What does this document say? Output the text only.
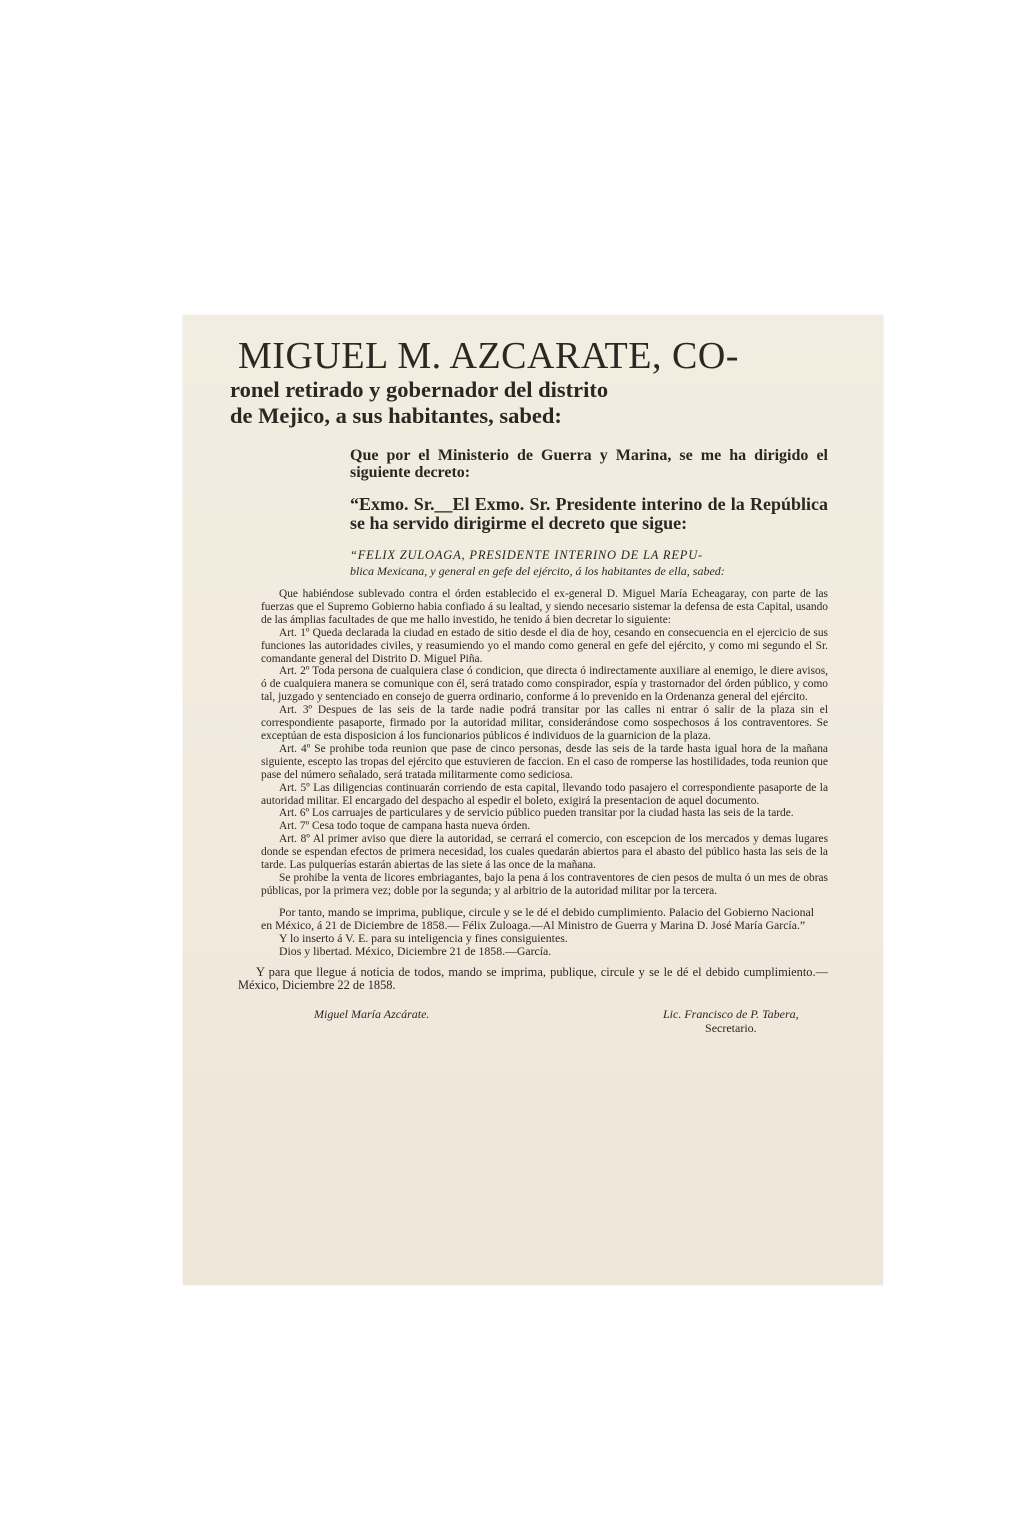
MIGUEL M. AZCARATE, CO-
ronel retirado y gobernador del distrito
de Mejico, a sus habitantes, sabed:
Que por el Ministerio de Guerra y Marina, se me ha dirigido el siguiente decreto:
“Exmo. Sr.__El Exmo. Sr. Presidente interino de la República se ha servido dirigirme el decreto que sigue:
“FELIX ZULOAGA, PRESIDENTE INTERINO DE LA REPU-
blica Mexicana, y general en gefe del ejército, á los habitantes de ella, sabed:

Que habiéndose sublevado contra el órden establecido el ex-general D. Miguel María Echeagaray, con parte de las fuerzas que el Supremo Gobierno habia confiado á su lealtad, y siendo necesario sistemar la defensa de esta Capital, usando de las ámplias facultades de que me hallo investido, he tenido á bien decretar lo siguiente:

Art. 1º Queda declarada la ciudad en estado de sitio desde el dia de hoy, cesando en consecuencia en el ejercicio de sus funciones las autoridades civiles, y reasumiendo yo el mando como general en gefe del ejército, y como mi segundo el Sr. comandante general del Distrito D. Miguel Piña.

Art. 2º Toda persona de cualquiera clase ó condicion, que directa ó indirectamente auxiliare al enemigo, le diere avisos, ó de cualquiera manera se comunique con él, será tratado como conspirador, espía y trastornador del órden público, y como tal, juzgado y sentenciado en consejo de guerra ordinario, conforme á lo prevenido en la Ordenanza general del ejército.

Art. 3º Despues de las seis de la tarde nadie podrá transitar por las calles ni entrar ó salir de la plaza sin el correspondiente pasaporte, firmado por la autoridad militar, considerándose como sospechosos á los contraventores. Se exceptúan de esta disposicion á los funcionarios públicos é individuos de la guarnicion de la plaza.

Art. 4º Se prohibe toda reunion que pase de cinco personas, desde las seis de la tarde hasta igual hora de la mañana siguiente, escepto las tropas del ejército que estuvieren de faccion. En el caso de romperse las hostilidades, toda reunion que pase del número señalado, será tratada militarmente como sediciosa.

Art. 5º Las diligencias continuarán corriendo de esta capital, llevando todo pasajero el correspondiente pasaporte de la autoridad militar. El encargado del despacho al espedir el boleto, exigirá la presentacion de aquel documento.

Art. 6º Los carruajes de particulares y de servicio público pueden transitar por la ciudad hasta las seis de la tarde.

Art. 7º Cesa todo toque de campana hasta nueva órden.

Art. 8º Al primer aviso que diere la autoridad, se cerrará el comercio, con escepcion de los mercados y demas lugares donde se espendan efectos de primera necesidad, los cuales quedarán abiertos para el abasto del público hasta las seis de la tarde. Las pulquerías estarán abiertas de las siete á las once de la mañana.

Se prohibe la venta de licores embriagantes, bajo la pena á los contraventores de cien pesos de multa ó un mes de obras públicas, por la primera vez; doble por la segunda; y al arbitrio de la autoridad militar por la tercera.

Por tanto, mando se imprima, publique, circule y se le dé el debido cumplimiento. Palacio del Gobierno Nacional en México, á 21 de Diciembre de 1858.— Félix Zuloaga.—Al Ministro de Guerra y Marina D. José María García.”

Y lo inserto á V. E. para su inteligencia y fines consiguientes.

Dios y libertad. México, Diciembre 21 de 1858.—García.

Y para que llegue á noticia de todos, mando se imprima, publique, circule y se le dé el debido cumplimiento.—México, Diciembre 22 de 1858.

Miguel María Azcárate.	Lic. Francisco de P. Tabera,
Secretario.
